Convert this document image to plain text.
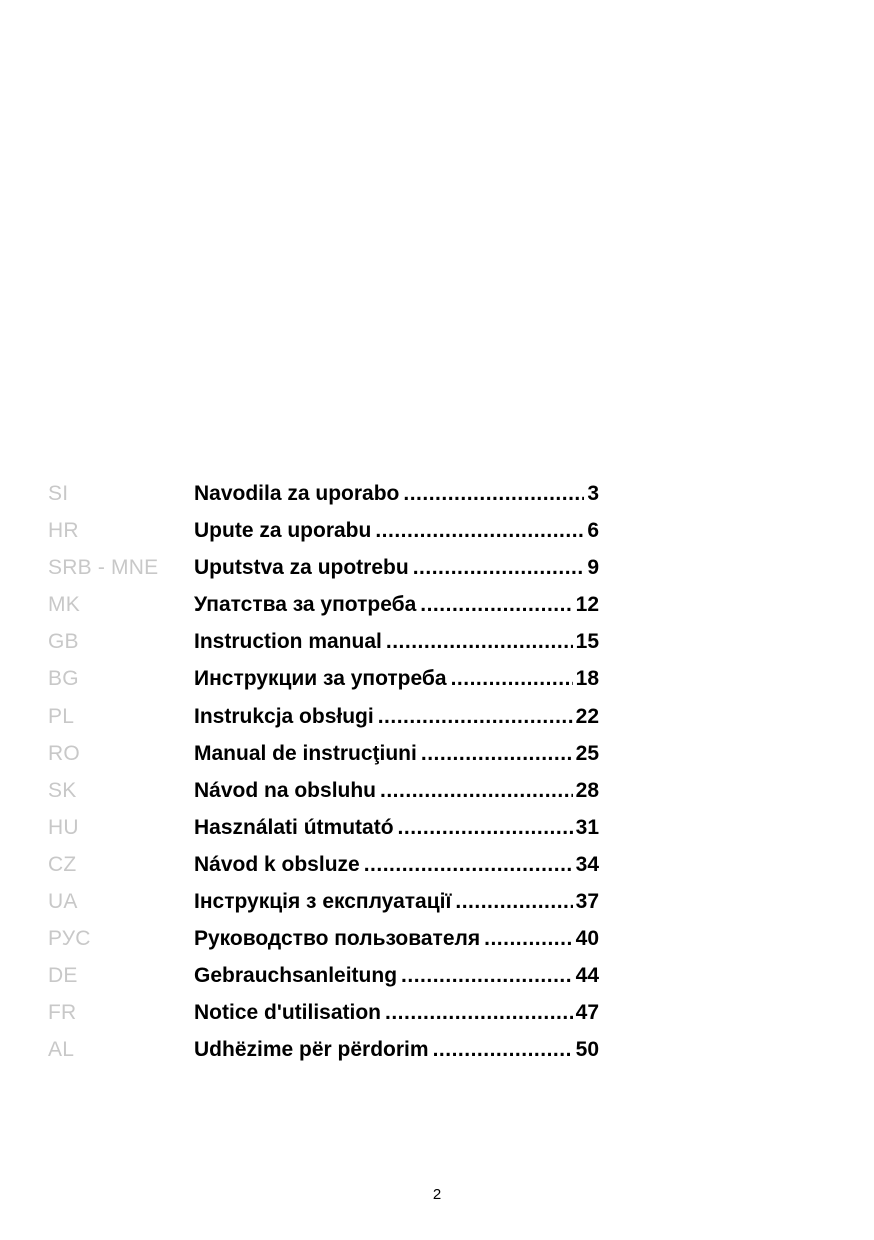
SI	Navodila za uporabo .....	3
HR	Upute za uporabu .....	6
SRB - MNE	Uputstva za upotrebu .....	9
MK	Упатства за употреба .....	12
GB	Instruction manual .....	15
BG	Инструкции за употреба .....	18
PL	Instrukcja obsługi .....	22
RO	Manual de instrucţiuni .....	25
SK	Návod na obsluhu .....	28
HU	Használati útmutató .....	31
CZ	Návod k obsluze .....	34
UA	Інструкція з експлуатації .....	37
РУС	Руководство пользователя .....	40
DE	Gebrauchsanleitung .....	44
FR	Notice d'utilisation .....	47
AL	Udhëzime për përdorim .....	50
2
